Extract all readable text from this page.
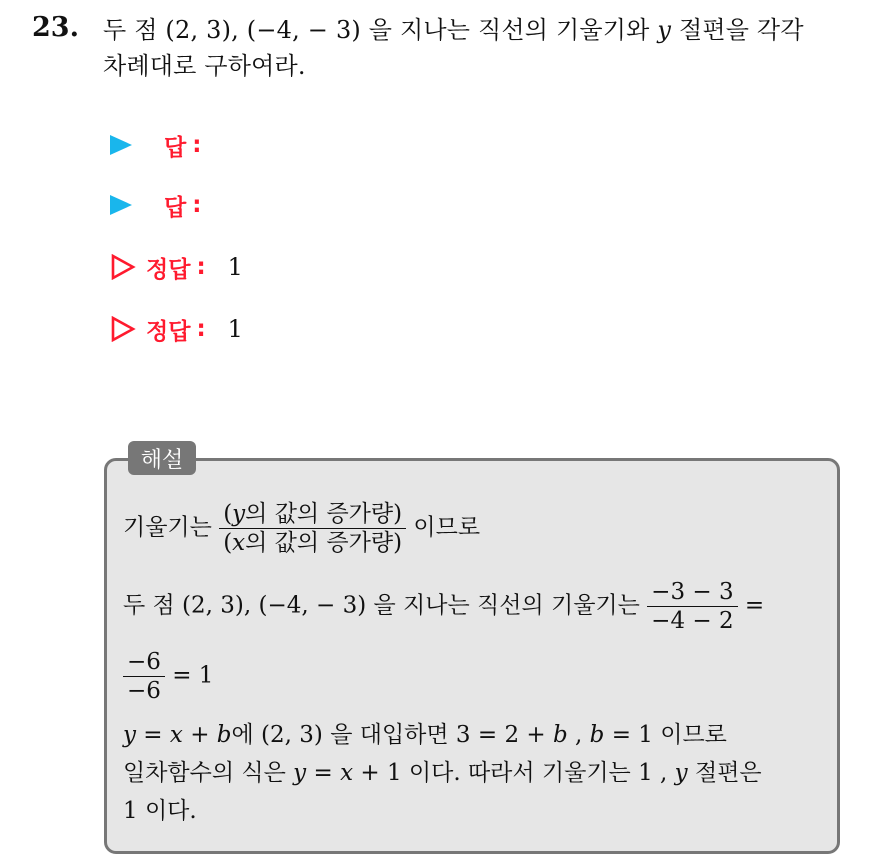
23. 두 점 (2, 3), (−4, − 3) 을 지나는 직선의 기울기와 y 절편을 각각
차례대로 구하여라.
답 :
답 :
정답 : 1
정답 : 1
해설
기울기는 $\frac{\text{(y의 값의 증가량)}}{\text{(x의 값의 증가량)}}$ 이므로
두 점 (2, 3), (−4, − 3) 을 지나는 직선의 기울기는 $\frac{-3 - 3}{-4 - 2}$ =
$\frac{-6}{-6} = 1$
y = x + b에 (2, 3) 을 대입하면 3 = 2 + b , b = 1 이므로
일차함수의 식은 y = x + 1 이다. 따라서 기울기는 1 , y 절편은
1 이다.
